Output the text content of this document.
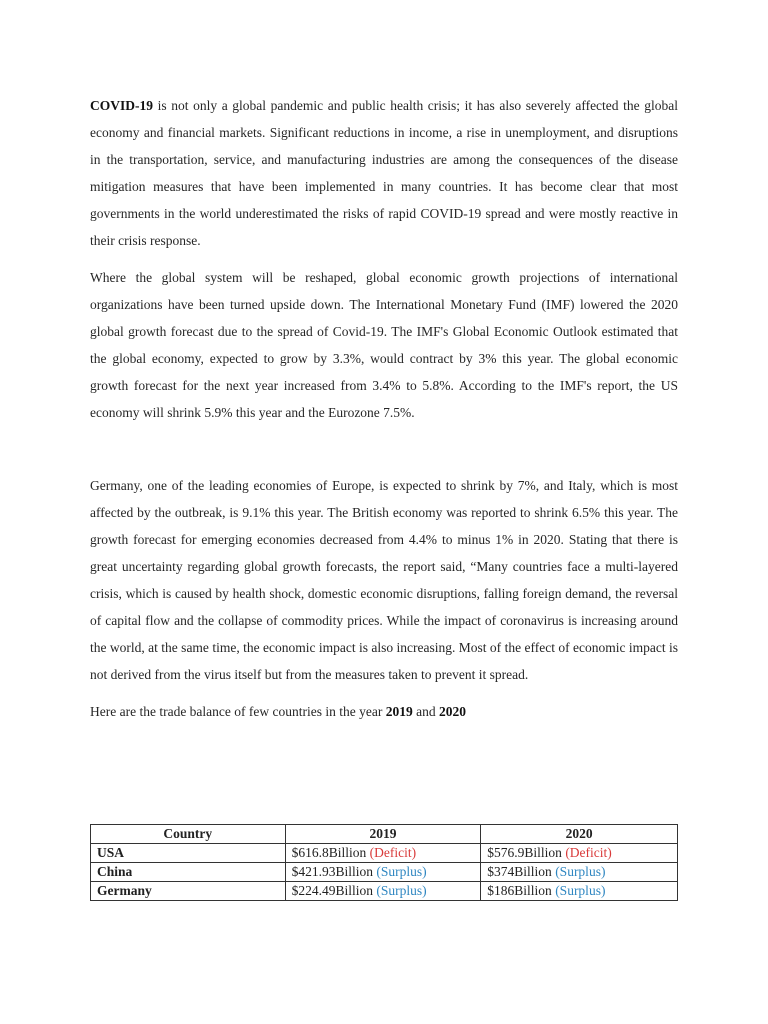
COVID-19 is not only a global pandemic and public health crisis; it has also severely affected the global economy and financial markets. Significant reductions in income, a rise in unemployment, and disruptions in the transportation, service, and manufacturing industries are among the consequences of the disease mitigation measures that have been implemented in many countries. It has become clear that most governments in the world underestimated the risks of rapid COVID-19 spread and were mostly reactive in their crisis response.

Where the global system will be reshaped, global economic growth projections of international organizations have been turned upside down. The International Monetary Fund (IMF) lowered the 2020 global growth forecast due to the spread of Covid-19. The IMF's Global Economic Outlook estimated that the global economy, expected to grow by 3.3%, would contract by 3% this year. The global economic growth forecast for the next year increased from 3.4% to 5.8%. According to the IMF's report, the US economy will shrink 5.9% this year and the Eurozone 7.5%.

Germany, one of the leading economies of Europe, is expected to shrink by 7%, and Italy, which is most affected by the outbreak, is 9.1% this year. The British economy was reported to shrink 6.5% this year. The growth forecast for emerging economies decreased from 4.4% to minus 1% in 2020. Stating that there is great uncertainty regarding global growth forecasts, the report said, “Many countries face a multi-layered crisis, which is caused by health shock, domestic economic disruptions, falling foreign demand, the reversal of capital flow and the collapse of commodity prices. While the impact of coronavirus is increasing around the world, at the same time, the economic impact is also increasing. Most of the effect of economic impact is not derived from the virus itself but from the measures taken to prevent it spread.

Here are the trade balance of few countries in the year 2019 and 2020

Country	2019	2020
USA	$616.8Billion (Deficit)	$576.9Billion (Deficit)
China	$421.93Billion (Surplus)	$374Billion (Surplus)
Germany	$224.49Billion (Surplus)	$186Billion (Surplus)
